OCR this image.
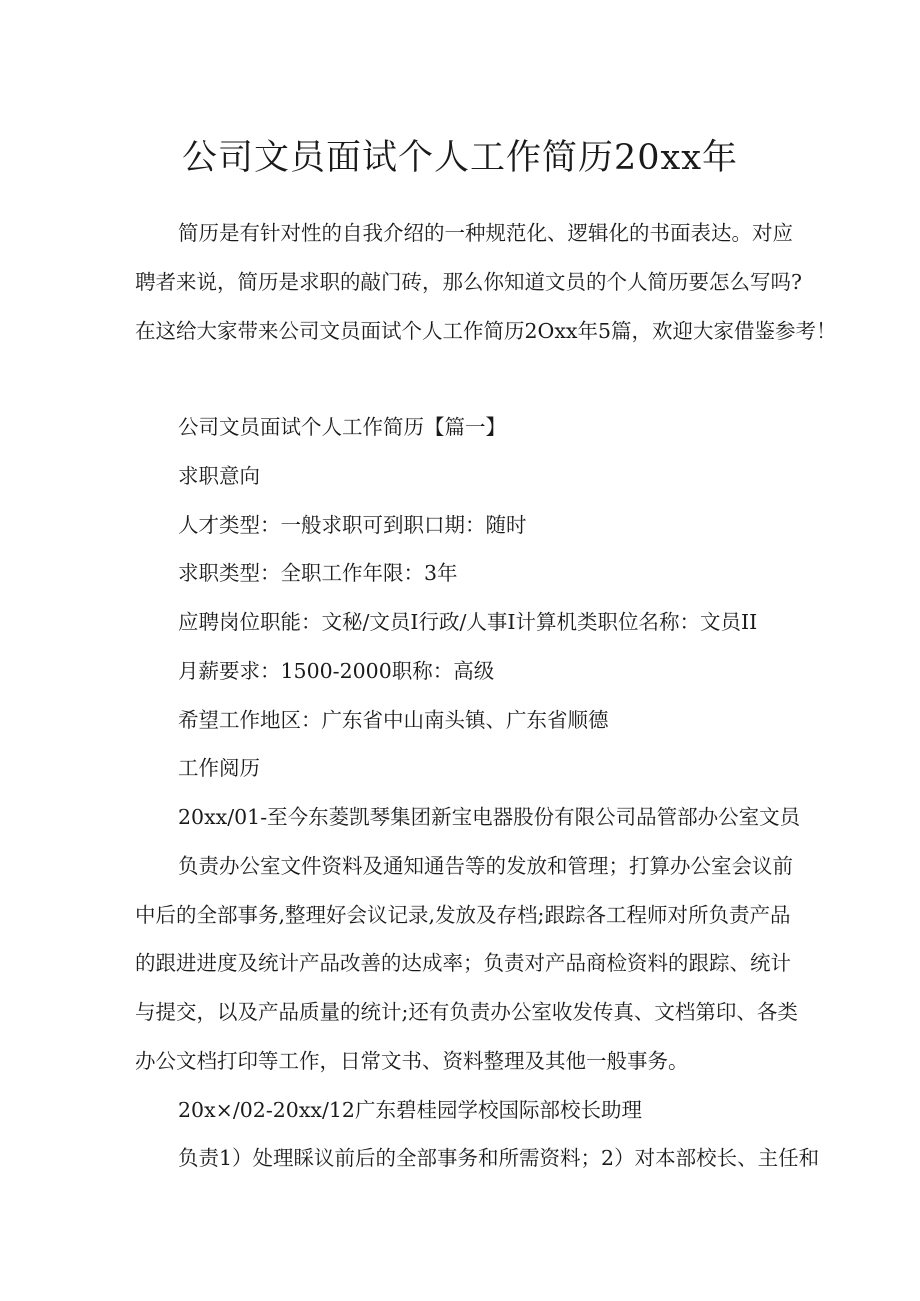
公司文员面试个人工作简历20xx年
简历是有针对性的自我介绍的一种规范化、逻辑化的书面表达。对应
聘者来说，简历是求职的敲门砖，那么你知道文员的个人简历要怎么写吗?
在这给大家带来公司文员面试个人工作简历2Oxx年5篇，欢迎大家借鉴参考！
公司文员面试个人工作简历【篇一】
求职意向
人才类型：一般求职可到职口期：随时
求职类型：全职工作年限：3年
应聘岗位职能：文秘/文员I行政/人事I计算机类职位名称：文员II
月薪要求：1500-2000职称：高级
希望工作地区：广东省中山南头镇、广东省顺德
工作阅历
20xx/01-至今东菱凯琴集团新宝电器股份有限公司品管部办公室文员
负责办公室文件资料及通知通告等的发放和管理；打算办公室会议前
中后的全部事务,整理好会议记录,发放及存档;跟踪各工程师对所负责产品
的跟进进度及统计产品改善的达成率；负责对产品商检资料的跟踪、统计
与提交，以及产品质量的统计;还有负责办公室收发传真、文档第印、各类
办公文档打印等工作，日常文书、资料整理及其他一般事务。
20x×/02-20xx/12广东碧桂园学校国际部校长助理
负责1）处理睬议前后的全部事务和所需资料；2）对本部校长、主任和
